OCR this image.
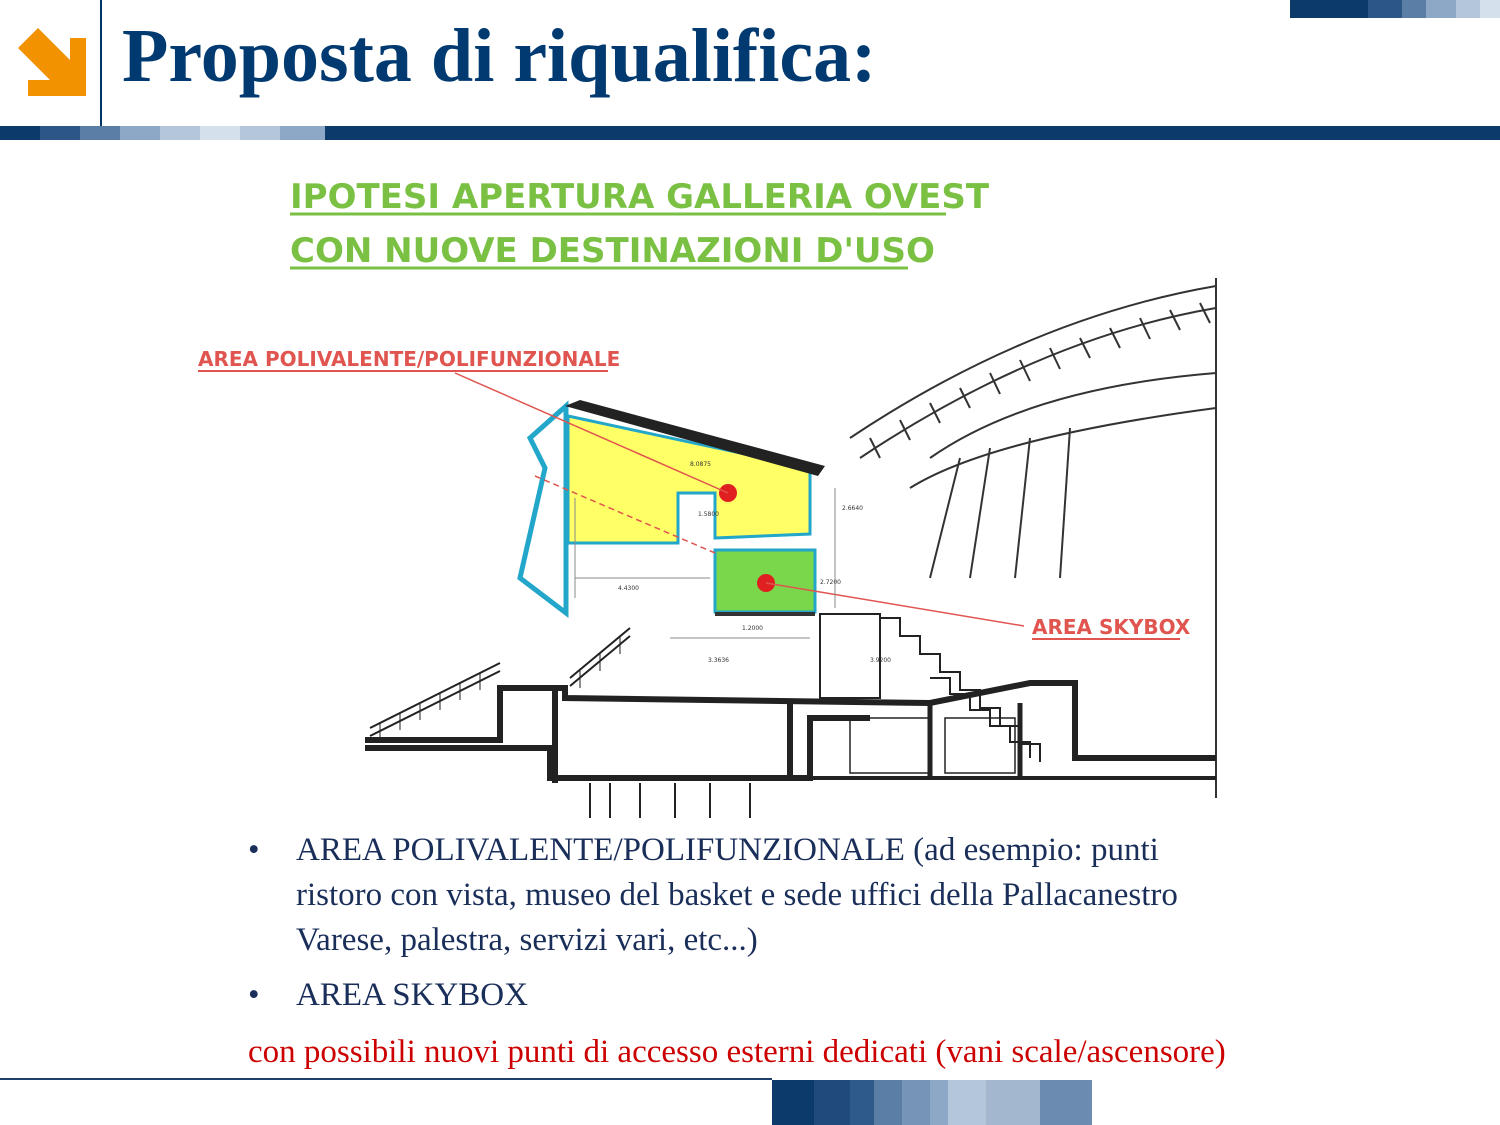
Proposta di riqualifica:
IPOTESI APERTURA GALLERIA OVEST
CON NUOVE DESTINAZIONI D'USO
AREA POLIVALENTE/POLIFUNZIONALE
AREA SKYBOX
8.0875
1.5800
2.6640
2.7200
4.4300
1.2000
3.3636	3.9200
• AREA POLIVALENTE/POLIFUNZIONALE (ad esempio: punti ristoro con vista, museo del basket e sede uffici della Pallacanestro Varese, palestra, servizi vari, etc...)
• AREA SKYBOX
con possibili nuovi punti di accesso esterni dedicati (vani scale/ascensore)
